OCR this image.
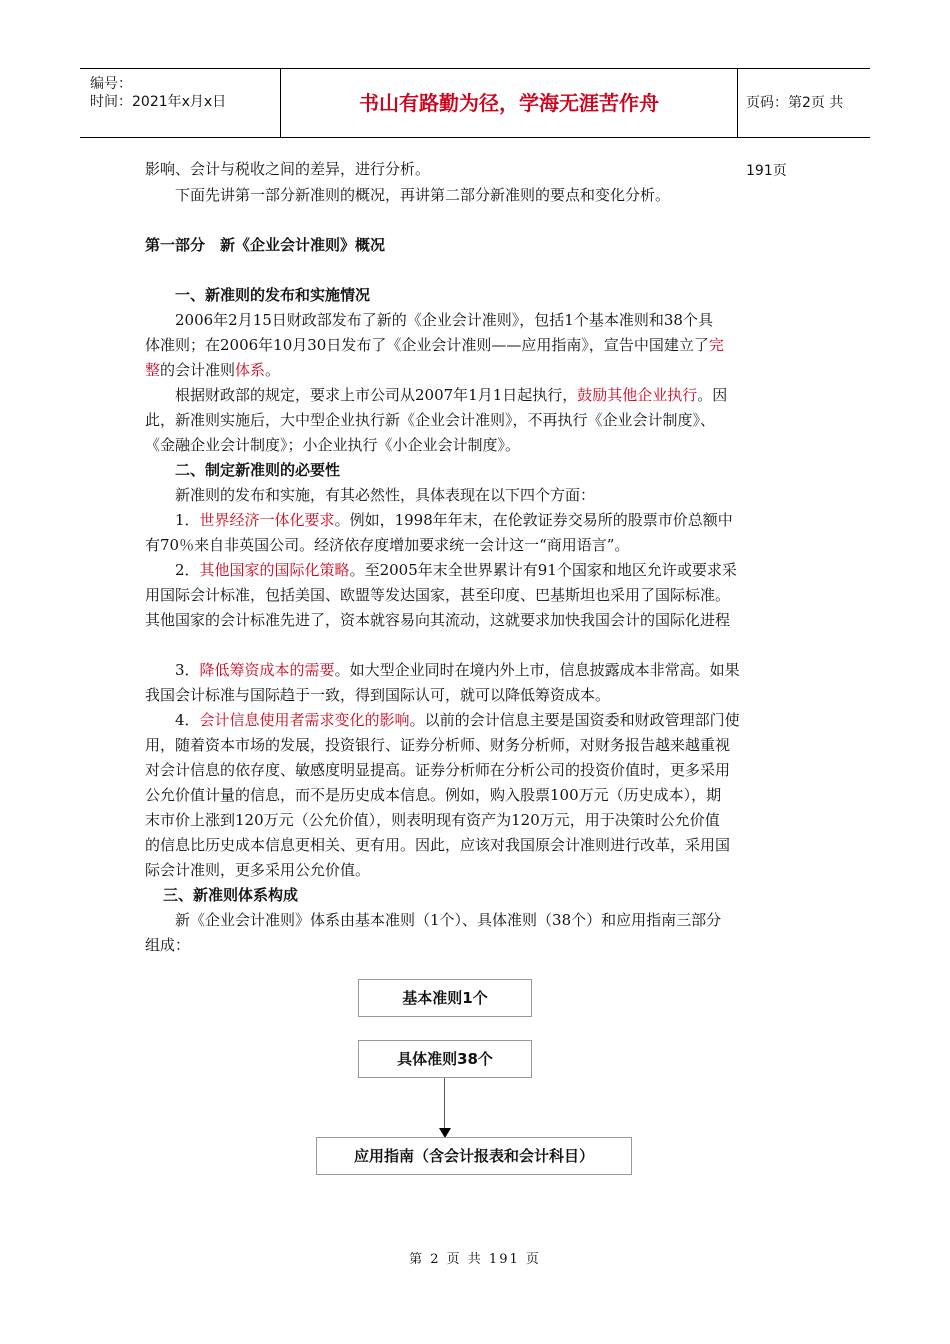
编号：
时间：2021年x月x日	书山有路勤为径，学海无涯苦作舟	页码：第2页 共191页
影响、会计与税收之间的差异，进行分析。
下面先讲第一部分新准则的概况，再讲第二部分新准则的要点和变化分析。
第一部分　新《企业会计准则》概况
一、新准则的发布和实施情况
2006年2月15日财政部发布了新的《企业会计准则》，包括1个基本准则和38个具
体准则；在2006年10月30日发布了《企业会计准则——应用指南》，宣告中国建立了完
整的会计准则体系。
根据财政部的规定，要求上市公司从2007年1月1日起执行，鼓励其他企业执行。因
此，新准则实施后，大中型企业执行新《企业会计准则》，不再执行《企业会计制度》、
《金融企业会计制度》；小企业执行《小企业会计制度》。
二、制定新准则的必要性
新准则的发布和实施，有其必然性，具体表现在以下四个方面：
1．世界经济一体化要求。例如，1998年年末，在伦敦证券交易所的股票市价总额中
有70％来自非英国公司。经济依存度增加要求统一会计这一“商用语言”。
2．其他国家的国际化策略。至2005年末全世界累计有91个国家和地区允许或要求采
用国际会计标准，包括美国、欧盟等发达国家，甚至印度、巴基斯坦也采用了国际标准。
其他国家的会计标准先进了，资本就容易向其流动，这就要求加快我国会计的国际化进程
3．降低筹资成本的需要。如大型企业同时在境内外上市，信息披露成本非常高。如果
我国会计标准与国际趋于一致，得到国际认可，就可以降低筹资成本。
4．会计信息使用者需求变化的影响。以前的会计信息主要是国资委和财政管理部门使
用，随着资本市场的发展，投资银行、证券分析师、财务分析师，对财务报告越来越重视
对会计信息的依存度、敏感度明显提高。证券分析师在分析公司的投资价值时，更多采用
公允价值计量的信息，而不是历史成本信息。例如，购入股票100万元（历史成本），期
末市价上涨到120万元（公允价值），则表明现有资产为120万元，用于决策时公允价值
的信息比历史成本信息更相关、更有用。因此，应该对我国原会计准则进行改革，采用国
际会计准则，更多采用公允价值。
三、新准则体系构成
新《企业会计准则》体系由基本准则（1个）、具体准则（38个）和应用指南三部分
组成：
基本准则1个
具体准则38个
应用指南（含会计报表和会计科目）
第 2 页 共 191 页
